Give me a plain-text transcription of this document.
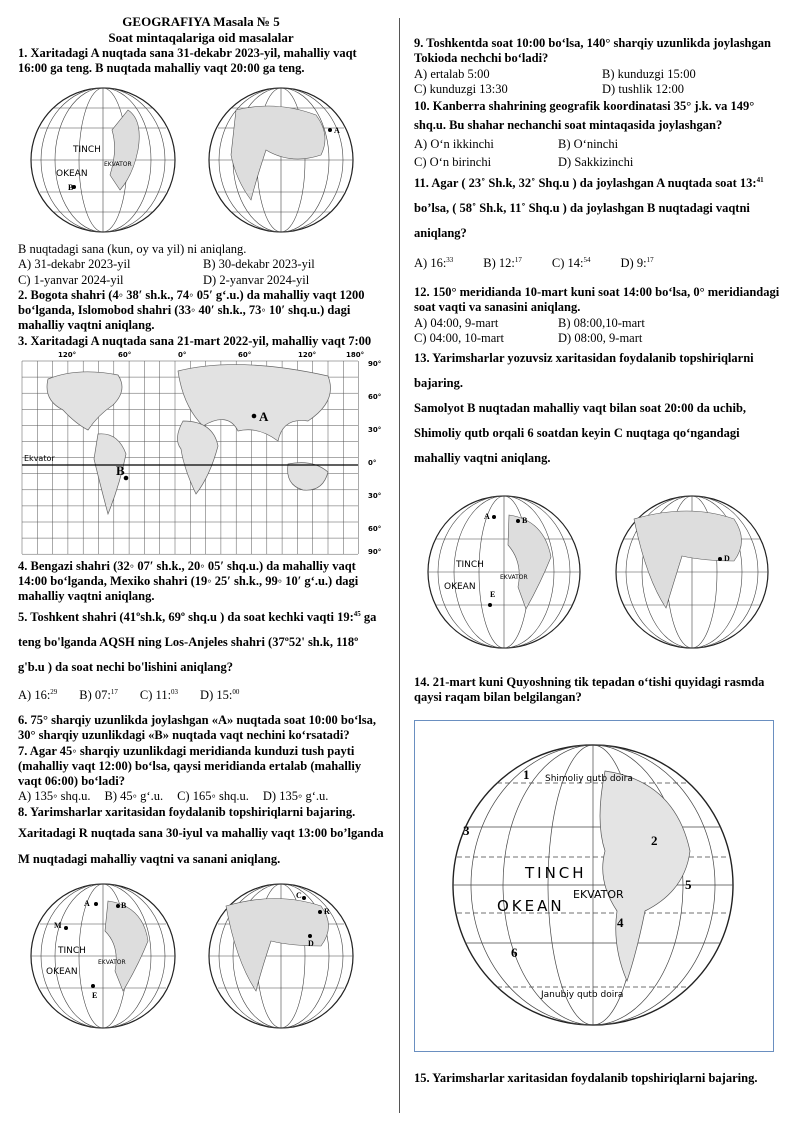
GEOGRAFIYA Masala № 5

Soat mintaqalariga oid masalalar

1. Xaritadagi A nuqtada sana 31-dekabr 2023-yil, mahalliy vaqt 16:00 ga teng. B nuqtada mahalliy vaqt 20:00 ga teng.

TINCH
OKEAN
EKVATOR
B
A

B nuqtadagi sana (kun, oy va yil) ni aniqlang.

A) 31-dekabr 2023-yil	B) 30-dekabr 2023-yil
C) 1-yanvar 2024-yil	D) 2-yanvar 2024-yil

2. Bogota shahri (4◦ 38′ sh.k., 74◦ 05′ g‘.u.) da mahalliy vaqt 1200 bo‘lganda, Islomobod shahri (33◦ 40′ sh.k., 73◦ 10′ shq.u.) dagi mahalliy vaqtni aniqlang.

3. Xaritadagi A nuqtada sana 21-mart 2022-yil, mahalliy vaqt 7:00

120°	60°	0°	60°	120°	180°
90°
60°
30°
0°
30°
60°
90°
Ekvator
A
B

4. Bengazi shahri (32◦ 07′ sh.k., 20◦ 05′ shq.u.) da mahalliy vaqt 14:00 bo‘lganda, Mexiko shahri (19◦ 25′ sh.k., 99◦ 10′ g‘.u.) dagi mahalliy vaqtni aniqlang.

5. Toshkent shahri (41ºsh.k, 69º shq.u ) da soat kechki vaqti 19:$^{45}$ ga teng bo'lganda AQSH ning Los-Anjeles shahri (37º52' sh.k, 118º g'b.u ) da soat nechi bo'lishini aniqlang?

A) 16:$^{29}$ B) 07:$^{17}$ C) 11:$^{03}$ D) 15:$^{00}$

6. 75° sharqiy uzunlikda joylashgan «A» nuqtada soat 10:00 bo‘lsa, 30° sharqiy uzunlikdagi «B» nuqtada vaqt nechini ko‘rsatadi?

7. Agar 45◦ sharqiy uzunlikdagi meridianda kunduzi tush payti (mahalliy vaqt 12:00) bo‘lsa, qaysi meridianda ertalab (mahalliy vaqt 06:00) bo‘ladi?

A) 135◦ shq.u. B) 45◦ g‘.u. C) 165◦ shq.u. D) 135◦ g‘.u.

8. Yarimsharlar xaritasidan foydalanib topshiriqlarni bajaring.

Xaritadagi R nuqtada sana 30-iyul va mahalliy vaqt 13:00 bo’lganda M nuqtadagi mahalliy vaqtni va sanani aniqlang.

TINCH
OKEAN
EKVATOR
M
B
A
E
C
R
D

9. Toshkentda soat 10:00 bo‘lsa, 140° sharqiy uzunlikda joylashgan Tokioda nechchi bo‘ladi?

A) ertalab 5:00	B) kunduzgi 15:00
C) kunduzgi 13:30	D) tushlik 12:00

10. Kanberra shahrining geografik koordinatasi 35° j.k. va 149° shq.u. Bu shahar nechanchi soat mintaqasida joylashgan?

A) O‘n ikkinchi	B) O‘ninchi
C) O‘n birinchi	D) Sakkizinchi

11. Agar ( 23˚ Sh.k, 32˚ Shq.u ) da joylashgan A nuqtada soat 13:$^{41}$ bo’lsa, ( 58˚ Sh.k, 11˚ Shq.u ) da joylashgan B nuqtadagi vaqtni aniqlang?

A) 16:$^{33}$ B) 12:$^{17}$ C) 14:$^{54}$ D) 9:$^{17}$

12. 150° meridianda 10-mart kuni soat 14:00 bo‘lsa, 0° meridiandagi soat vaqti va sanasini aniqlang.

A) 04:00, 9-mart	B) 08:00,10-mart
C) 04:00, 10-mart	D) 08:00, 9-mart

13. Yarimsharlar yozuvsiz xaritasidan foydalanib topshiriqlarni bajaring.

Samolyot B nuqtadan mahalliy vaqt bilan soat 20:00 da uchib, Shimoliy qutb orqali 6 soatdan keyin C nuqtaga qo‘ngandagi mahalliy vaqtni aniqlang.

TINCH
OKEAN
EKVATOR
A	B
E
D

14. 21-mart kuni Quyoshning tik tepadan o‘tishi quyidagi rasmda qaysi raqam bilan belgilangan?

TINCH
OKEAN
EKVATOR
Shimoliy qutb doira
Janubiy qutb doira
1
2
3
4
5
6

15. Yarimsharlar xaritasidan foydalanib topshiriqlarni bajaring.
